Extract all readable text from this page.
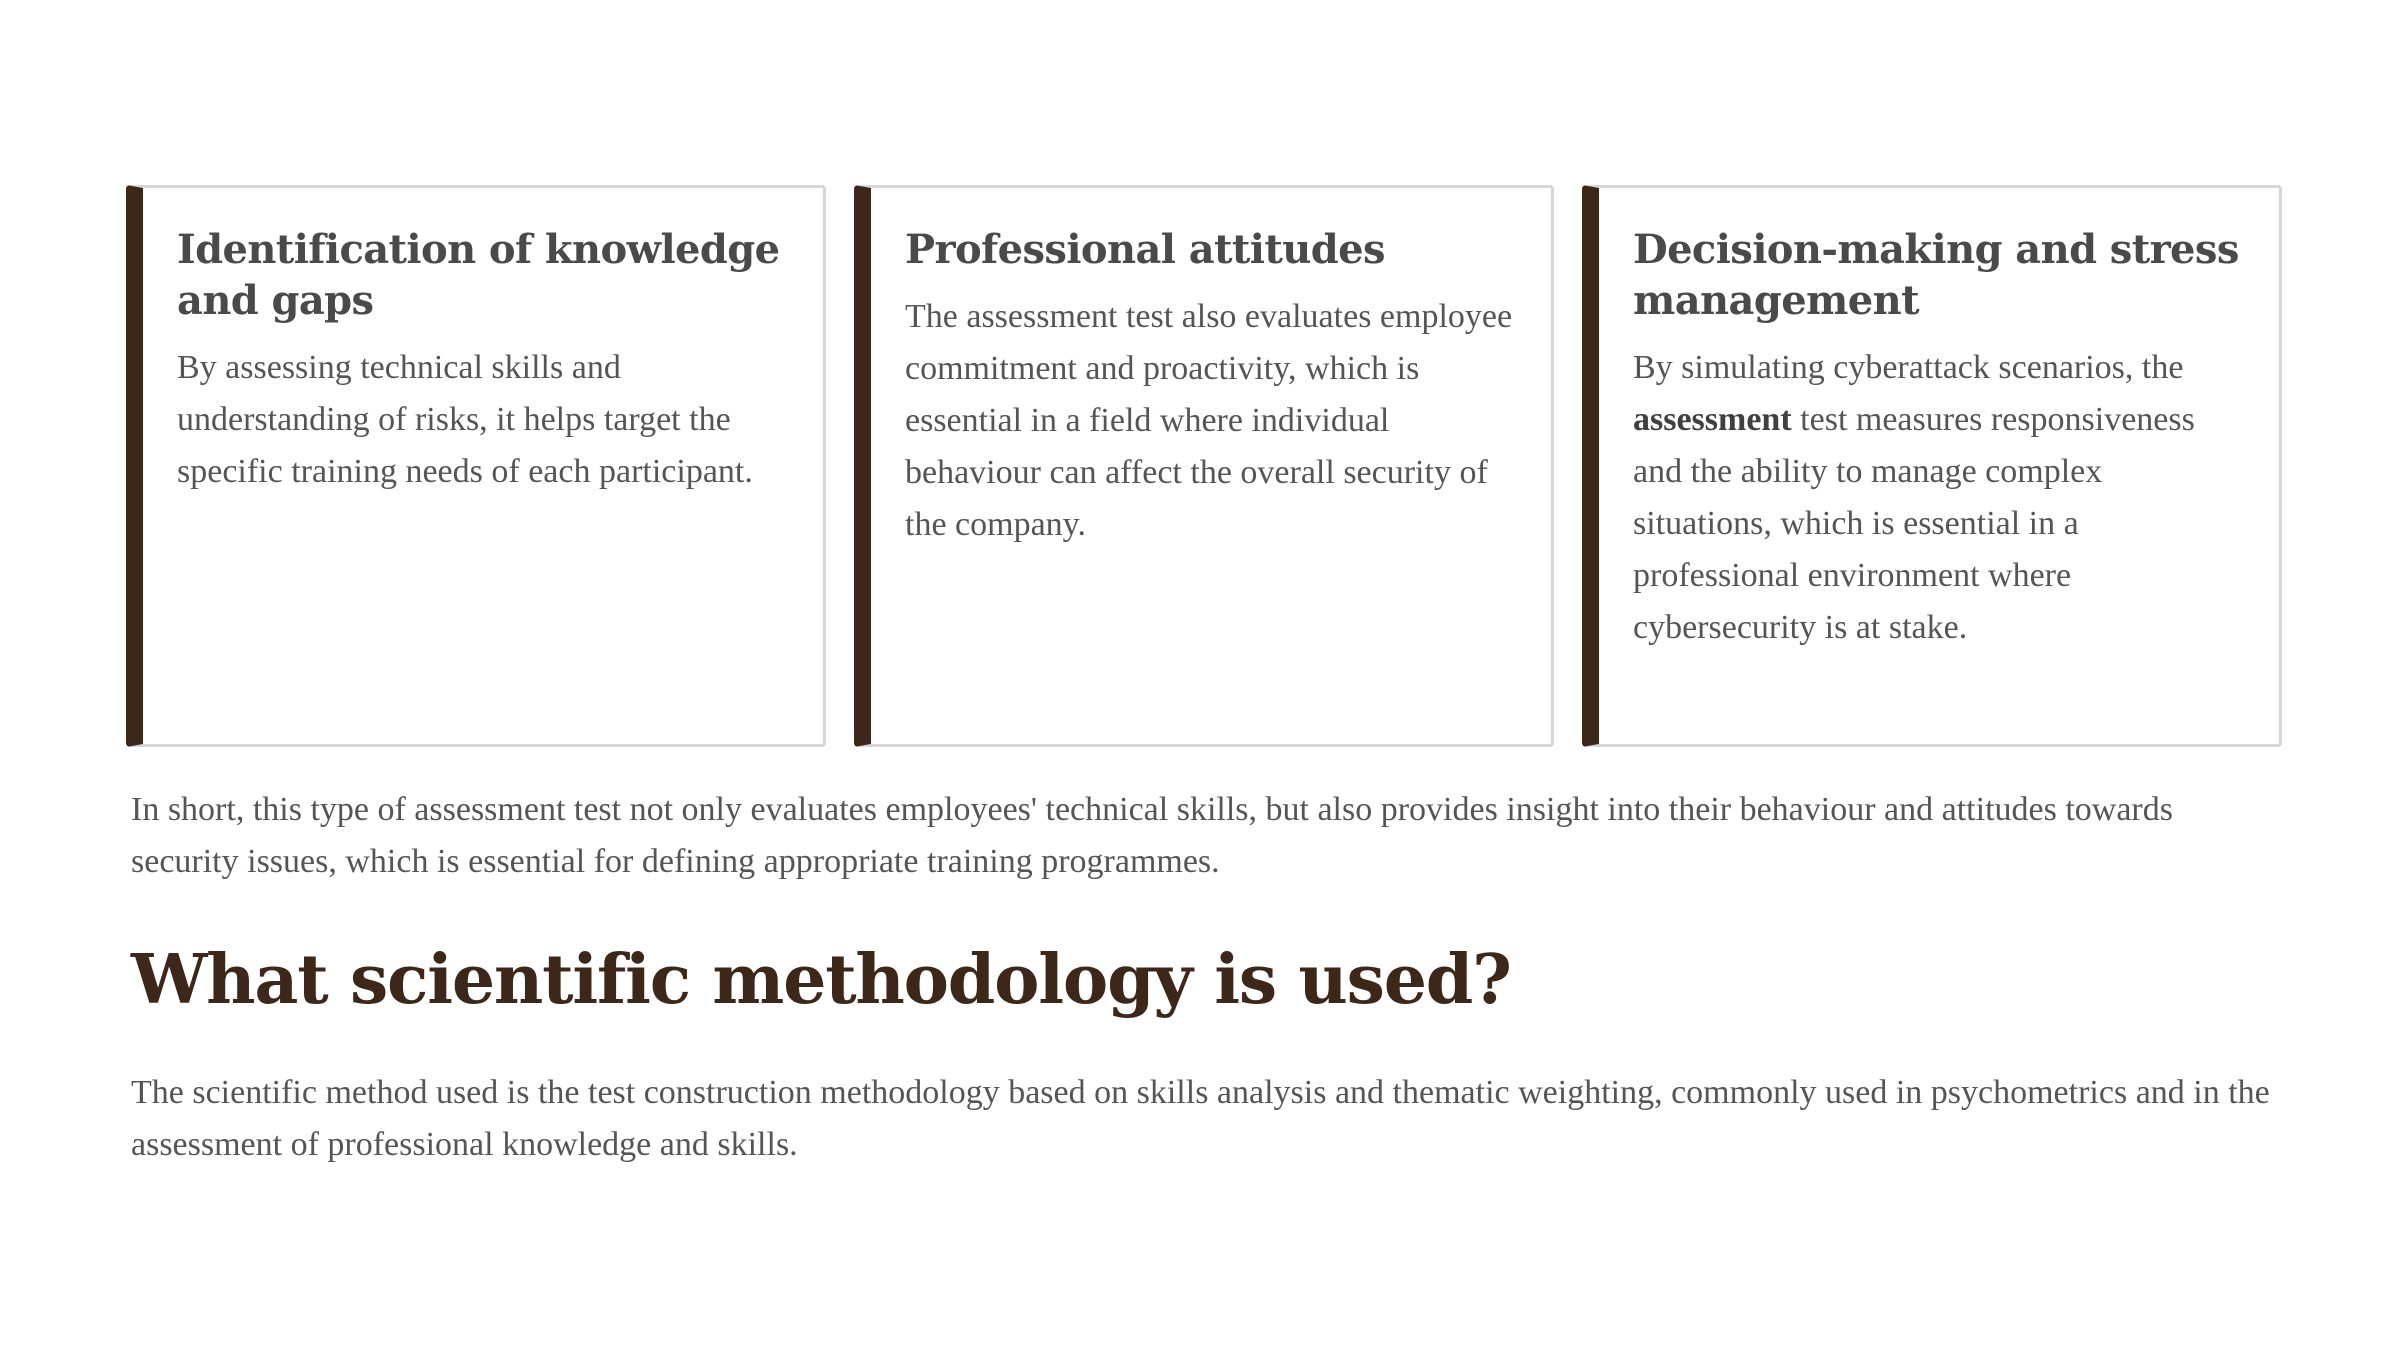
Identification of knowledge and gaps

By assessing technical skills and understanding of risks, it helps target the specific training needs of each participant.

Professional attitudes

The assessment test also evaluates employee commitment and proactivity, which is essential in a field where individual behaviour can affect the overall security of the company.

Decision-making and stress management

By simulating cyberattack scenarios, the assessment test measures responsiveness and the ability to manage complex situations, which is essential in a professional environment where cybersecurity is at stake.

In short, this type of assessment test not only evaluates employees' technical skills, but also provides insight into their behaviour and attitudes towards security issues, which is essential for defining appropriate training programmes.

What scientific methodology is used?

The scientific method used is the test construction methodology based on skills analysis and thematic weighting, commonly used in psychometrics and in the assessment of professional knowledge and skills.
